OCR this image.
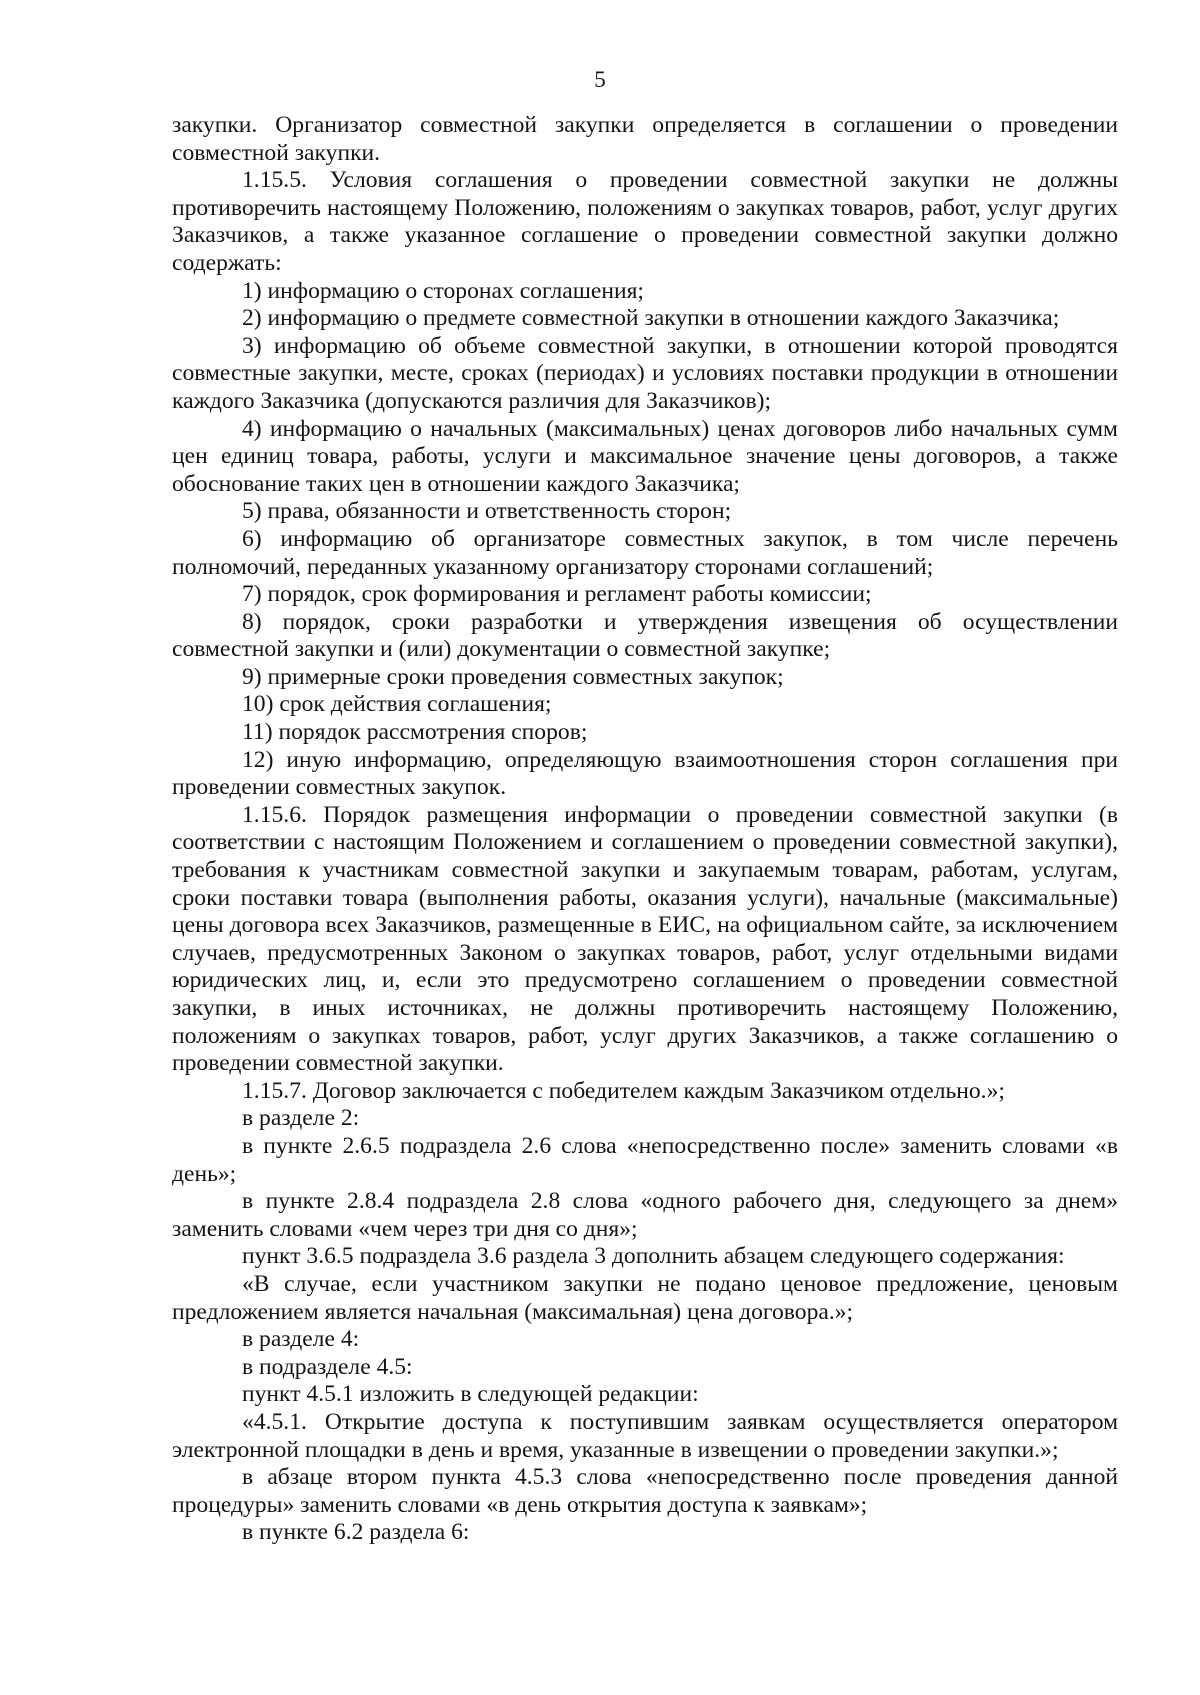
5

закупки. Организатор совместной закупки определяется в соглашении о проведении совместной закупки.

1.15.5. Условия соглашения о проведении совместной закупки не должны противоречить настоящему Положению, положениям о закупках товаров, работ, услуг других Заказчиков, а также указанное соглашение о проведении совместной закупки должно содержать:

1) информацию о сторонах соглашения;

2) информацию о предмете совместной закупки в отношении каждого Заказчика;

3) информацию об объеме совместной закупки, в отношении которой проводятся совместные закупки, месте, сроках (периодах) и условиях поставки продукции в отношении каждого Заказчика (допускаются различия для Заказчиков);

4) информацию о начальных (максимальных) ценах договоров либо начальных сумм цен единиц товара, работы, услуги и максимальное значение цены договоров, а также обоснование таких цен в отношении каждого Заказчика;

5) права, обязанности и ответственность сторон;

6) информацию об организаторе совместных закупок, в том числе перечень полномочий, переданных указанному организатору сторонами соглашений;

7) порядок, срок формирования и регламент работы комиссии;

8) порядок, сроки разработки и утверждения извещения об осуществлении совместной закупки и (или) документации о совместной закупке;

9) примерные сроки проведения совместных закупок;

10) срок действия соглашения;

11) порядок рассмотрения споров;

12) иную информацию, определяющую взаимоотношения сторон соглашения при проведении совместных закупок.

1.15.6. Порядок размещения информации о проведении совместной закупки (в соответствии с настоящим Положением и соглашением о проведении совместной закупки), требования к участникам совместной закупки и закупаемым товарам, работам, услугам, сроки поставки товара (выполнения работы, оказания услуги), начальные (максимальные) цены договора всех Заказчиков, размещенные в ЕИС, на официальном сайте, за исключением случаев, предусмотренных Законом о закупках товаров, работ, услуг отдельными видами юридических лиц, и, если это предусмотрено соглашением о проведении совместной закупки, в иных источниках, не должны противоречить настоящему Положению, положениям о закупках товаров, работ, услуг других Заказчиков, а также соглашению о проведении совместной закупки.

1.15.7. Договор заключается с победителем каждым Заказчиком отдельно.»;

в разделе 2:

в пункте 2.6.5 подраздела 2.6 слова «непосредственно после» заменить словами «в день»;

в пункте 2.8.4 подраздела 2.8 слова «одного рабочего дня, следующего за днем» заменить словами «чем через три дня со дня»;

пункт 3.6.5 подраздела 3.6 раздела 3 дополнить абзацем следующего содержания:

«В случае, если участником закупки не подано ценовое предложение, ценовым предложением является начальная (максимальная) цена договора.»;

в разделе 4:

в подразделе 4.5:

пункт 4.5.1 изложить в следующей редакции:

«4.5.1. Открытие доступа к поступившим заявкам осуществляется оператором электронной площадки в день и время, указанные в извещении о проведении закупки.»;

в абзаце втором пункта 4.5.3 слова «непосредственно после проведения данной процедуры» заменить словами «в день открытия доступа к заявкам»;

в пункте 6.2 раздела 6:
